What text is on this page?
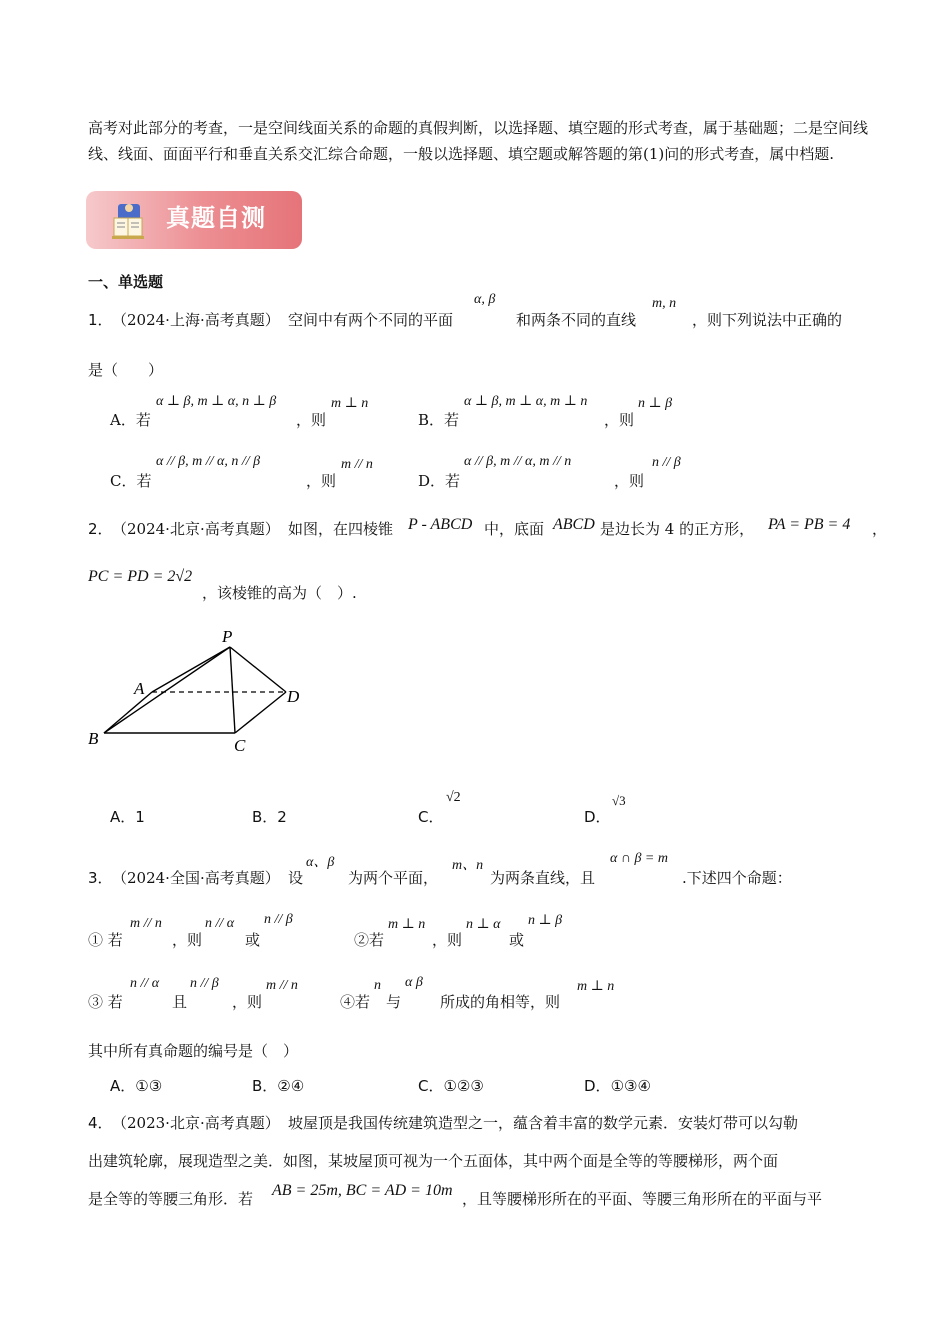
高考对此部分的考查，一是空间线面关系的命题的真假判断，以选择题、填空题的形式考查，属于基础题；二是空间线线、线面、面面平行和垂直关系交汇综合命题，一般以选择题、填空题或解答题的第(1)问的形式考查，属中档题.
真题自测
一、单选题
1． （2024·上海·高考真题） 空间中有两个不同的平面
α, β
和两条不同的直线
m, n
，则下列说法中正确的
是（　　）
A．若
α ⊥ β, m ⊥ α, n ⊥ β
，则
m ⊥ n
B．若
α ⊥ β, m ⊥ α, m ⊥ n
，则
n ⊥ β
C．若
α // β, m // α, n // β
，则
m // n
D．若
α // β, m // α, m // n
，则
n // β
2． （2024·北京·高考真题） 如图，在四棱锥 P - ABCD 中，底面 ABCD 是边长为 4 的正方形， PA = PB = 4 ，
PC = PD = 2√2
，该棱锥的高为（　）.
P
A	D
B	C
A．1	B．2	C．
√2
D．
√3
3． （2024·全国·高考真题） 设
α、β
为两个平面，
m、n
为两条直线，且
α ∩ β = m
.下述四个命题：
① 若
m // n
，则
n // α
或
n // β
②若
m ⊥ n
，则
n ⊥ α
或
n ⊥ β
③ 若
n // α
且
n // β
，则
m // n
④若
n
与
α β
所成的角相等，则
m ⊥ n
其中所有真命题的编号是（　）
A．①③	B．②④	C．①②③	D．①③④
4． （2023·北京·高考真题） 坡屋顶是我国传统建筑造型之一，蕴含着丰富的数学元素．安装灯带可以勾勒
出建筑轮廓，展现造型之美．如图，某坡屋顶可视为一个五面体，其中两个面是全等的等腰梯形，两个面
是全等的等腰三角形．若 AB = 25m, BC = AD = 10m ，且等腰梯形所在的平面、等腰三角形所在的平面与平
